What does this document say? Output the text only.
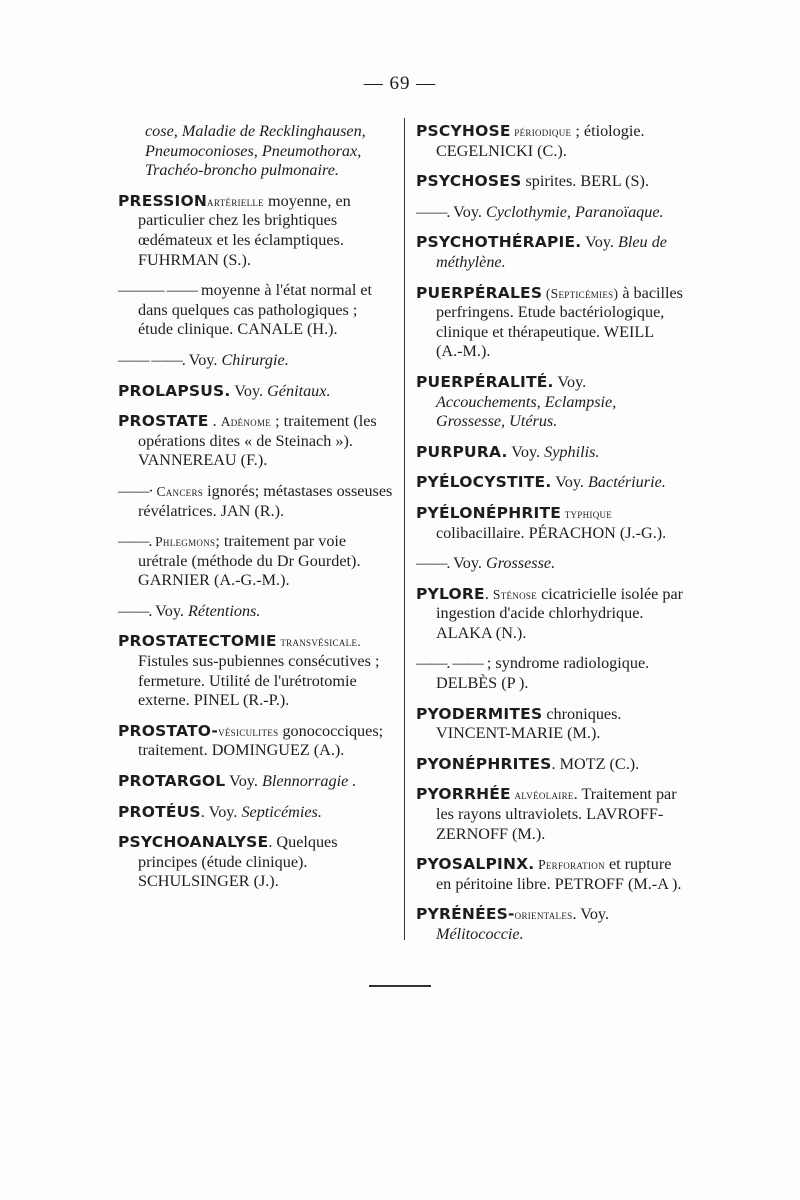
— 69 —

cose, Maladie de Recklinghausen, Pneumoconioses, Pneumothorax, Trachéo-broncho pulmonaire.

PRESSIONartérielle moyenne, en particulier chez les brightiques œdémateux et les éclamptiques. FUHRMAN (S.).

——— —— moyenne à l'état normal et dans quelques cas pathologiques ; étude clinique. CANALE (H.).

—— ——. Voy. Chirurgie.

PROLAPSUS. Voy. Génitaux.

PROSTATE . Adénome ; traitement (les opérations dites « de Steinach »). VANNEREAU (F.).

——· Cancers ignorés; métastases osseuses révélatrices. JAN (R.).

——. Phlegmons; traitement par voie urétrale (méthode du Dr Gourdet). GARNIER (A.-G.-M.).

——. Voy. Rétentions.

PROSTATECTOMIE transvésicale. Fistules sus-pubiennes consécutives ; fermeture. Utilité de l'urétrotomie externe. PINEL (R.-P.).

PROSTATO-vésiculites gonococciques; traitement. DOMINGUEZ (A.).

PROTARGOL Voy. Blennorragie .

PROTÉUS. Voy. Septicémies.

PSYCHOANALYSE. Quelques principes (étude clinique). SCHULSINGER (J.).

PSCYHOSE périodique ; étiologie. CEGELNICKI (C.).

PSYCHOSES spirites. BERL (S).

——. Voy. Cyclothymie, Paranoïaque.

PSYCHOTHÉRAPIE. Voy. Bleu de méthylène.

PUERPÉRALES (Septicémies) à bacilles perfringens. Etude bactériologique, clinique et thérapeutique. WEILL (A.-M.).

PUERPÉRALITÉ. Voy. Accouchements, Eclampsie, Grossesse, Utérus.

PURPURA. Voy. Syphilis.

PYÉLOCYSTITE. Voy. Bactériurie.

PYÉLONÉPHRITE typhique colibacillaire. PÉRACHON (J.-G.).

——. Voy. Grossesse.

PYLORE. Sténose cicatricielle isolée par ingestion d'acide chlorhydrique. ALAKA (N.).

——. —— ; syndrome radiologique. DELBÈS (P ).

PYODERMITES chroniques. VINCENT-MARIE (M.).

PYONÉPHRITES. MOTZ (C.).

PYORRHÉE alvéolaire. Traitement par les rayons ultraviolets. LAVROFF-ZERNOFF (M.).

PYOSALPINX. Perforation et rupture en péritoine libre. PETROFF (M.-A ).

PYRÉNÉES-orientales. Voy. Mélitococcie.
